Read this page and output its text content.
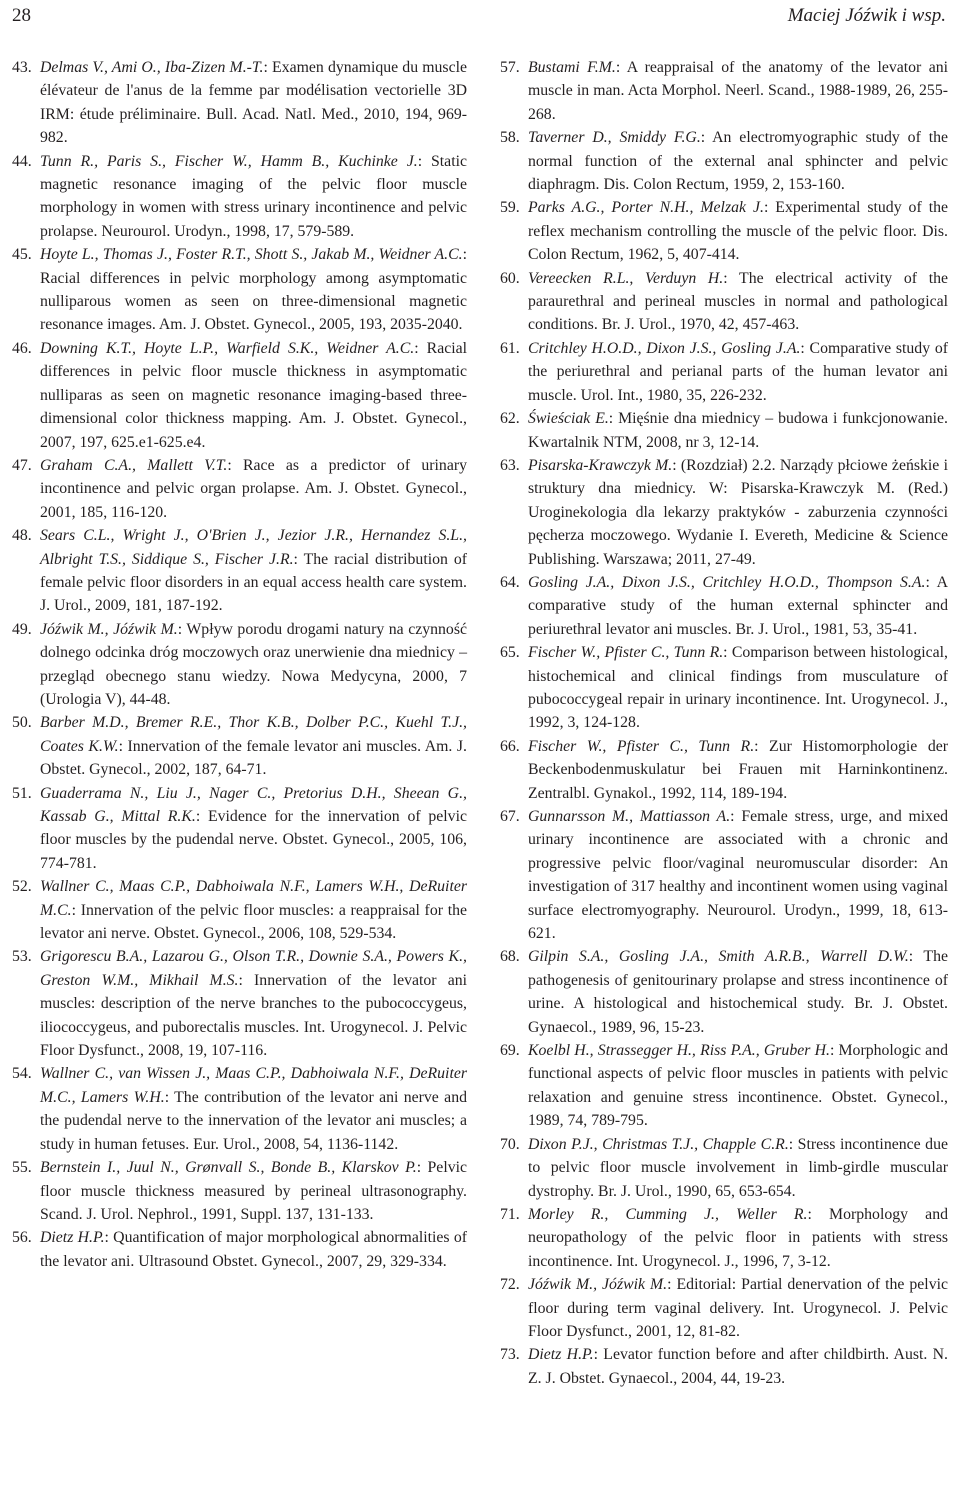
28	Maciej Jóźwik i wsp.
43. Delmas V., Ami O., Iba-Zizen M.-T.: Examen dynamique du muscle élévateur de l'anus de la femme par modélisation vectorielle 3D IRM: étude préliminaire. Bull. Acad. Natl. Med., 2010, 194, 969-982.
44. Tunn R., Paris S., Fischer W., Hamm B., Kuchinke J.: Static magnetic resonance imaging of the pelvic floor muscle morphology in women with stress urinary incontinence and pelvic prolapse. Neurourol. Urodyn., 1998, 17, 579-589.
45. Hoyte L., Thomas J., Foster R.T., Shott S., Jakab M., Weidner A.C.: Racial differences in pelvic morphology among asymptomatic nulliparous women as seen on three-dimensional magnetic resonance images. Am. J. Obstet. Gynecol., 2005, 193, 2035-2040.
46. Downing K.T., Hoyte L.P., Warfield S.K., Weidner A.C.: Racial differences in pelvic floor muscle thickness in asymptomatic nulliparas as seen on magnetic resonance imaging-based three-dimensional color thickness mapping. Am. J. Obstet. Gynecol., 2007, 197, 625.e1-625.e4.
47. Graham C.A., Mallett V.T.: Race as a predictor of urinary incontinence and pelvic organ prolapse. Am. J. Obstet. Gynecol., 2001, 185, 116-120.
48. Sears C.L., Wright J., O'Brien J., Jezior J.R., Hernandez S.L., Albright T.S., Siddique S., Fischer J.R.: The racial distribution of female pelvic floor disorders in an equal access health care system. J. Urol., 2009, 181, 187-192.
49. Jóźwik M., Jóźwik M.: Wpływ porodu drogami natury na czynność dolnego odcinka dróg moczowych oraz unerwienie dna miednicy – przegląd obecnego stanu wiedzy. Nowa Medycyna, 2000, 7 (Urologia V), 44-48.
50. Barber M.D., Bremer R.E., Thor K.B., Dolber P.C., Kuehl T.J., Coates K.W.: Innervation of the female levator ani muscles. Am. J. Obstet. Gynecol., 2002, 187, 64-71.
51. Guaderrama N., Liu J., Nager C., Pretorius D.H., Sheean G., Kassab G., Mittal R.K.: Evidence for the innervation of pelvic floor muscles by the pudendal nerve. Obstet. Gynecol., 2005, 106, 774-781.
52. Wallner C., Maas C.P., Dabhoiwala N.F., Lamers W.H., DeRuiter M.C.: Innervation of the pelvic floor muscles: a reappraisal for the levator ani nerve. Obstet. Gynecol., 2006, 108, 529-534.
53. Grigorescu B.A., Lazarou G., Olson T.R., Downie S.A., Powers K., Greston W.M., Mikhail M.S.: Innervation of the levator ani muscles: description of the nerve branches to the pubococcygeus, iliococcygeus, and puborectalis muscles. Int. Urogynecol. J. Pelvic Floor Dysfunct., 2008, 19, 107-116.
54. Wallner C., van Wissen J., Maas C.P., Dabhoiwala N.F., DeRuiter M.C., Lamers W.H.: The contribution of the levator ani nerve and the pudendal nerve to the innervation of the levator ani muscles; a study in human fetuses. Eur. Urol., 2008, 54, 1136-1142.
55. Bernstein I., Juul N., Grønvall S., Bonde B., Klarskov P.: Pelvic floor muscle thickness measured by perineal ultrasonography. Scand. J. Urol. Nephrol., 1991, Suppl. 137, 131-133.
56. Dietz H.P.: Quantification of major morphological abnormalities of the levator ani. Ultrasound Obstet. Gynecol., 2007, 29, 329-334.
57. Bustami F.M.: A reappraisal of the anatomy of the levator ani muscle in man. Acta Morphol. Neerl. Scand., 1988-1989, 26, 255-268.
58. Taverner D., Smiddy F.G.: An electromyographic study of the normal function of the external anal sphincter and pelvic diaphragm. Dis. Colon Rectum, 1959, 2, 153-160.
59. Parks A.G., Porter N.H., Melzak J.: Experimental study of the reflex mechanism controlling the muscle of the pelvic floor. Dis. Colon Rectum, 1962, 5, 407-414.
60. Vereecken R.L., Verduyn H.: The electrical activity of the paraurethral and perineal muscles in normal and pathological conditions. Br. J. Urol., 1970, 42, 457-463.
61. Critchley H.O.D., Dixon J.S., Gosling J.A.: Comparative study of the periurethral and perianal parts of the human levator ani muscle. Urol. Int., 1980, 35, 226-232.
62. Świeściak E.: Mięśnie dna miednicy – budowa i funkcjonowanie. Kwartalnik NTM, 2008, nr 3, 12-14.
63. Pisarska-Krawczyk M.: (Rozdział) 2.2. Narządy płciowe żeńskie i struktury dna miednicy. W: Pisarska-Krawczyk M. (Red.) Uroginekologia dla lekarzy praktyków - zaburzenia czynności pęcherza moczowego. Wydanie I. Evereth, Medicine & Science Publishing. Warszawa; 2011, 27-49.
64. Gosling J.A., Dixon J.S., Critchley H.O.D., Thompson S.A.: A comparative study of the human external sphincter and periurethral levator ani muscles. Br. J. Urol., 1981, 53, 35-41.
65. Fischer W., Pfister C., Tunn R.: Comparison between histological, histochemical and clinical findings from musculature of pubococcygeal repair in urinary incontinence. Int. Urogynecol. J., 1992, 3, 124-128.
66. Fischer W., Pfister C., Tunn R.: Zur Histomorphologie der Beckenbodenmuskulatur bei Frauen mit Harninkontinenz. Zentralbl. Gynakol., 1992, 114, 189-194.
67. Gunnarsson M., Mattiasson A.: Female stress, urge, and mixed urinary incontinence are associated with a chronic and progressive pelvic floor/vaginal neuromuscular disorder: An investigation of 317 healthy and incontinent women using vaginal surface electromyography. Neurourol. Urodyn., 1999, 18, 613-621.
68. Gilpin S.A., Gosling J.A., Smith A.R.B., Warrell D.W.: The pathogenesis of genitourinary prolapse and stress incontinence of urine. A histological and histochemical study. Br. J. Obstet. Gynaecol., 1989, 96, 15-23.
69. Koelbl H., Strassegger H., Riss P.A., Gruber H.: Morphologic and functional aspects of pelvic floor muscles in patients with pelvic relaxation and genuine stress incontinence. Obstet. Gynecol., 1989, 74, 789-795.
70. Dixon P.J., Christmas T.J., Chapple C.R.: Stress incontinence due to pelvic floor muscle involvement in limb-girdle muscular dystrophy. Br. J. Urol., 1990, 65, 653-654.
71. Morley R., Cumming J., Weller R.: Morphology and neuropathology of the pelvic floor in patients with stress incontinence. Int. Urogynecol. J., 1996, 7, 3-12.
72. Jóźwik M., Jóźwik M.: Editorial: Partial denervation of the pelvic floor during term vaginal delivery. Int. Urogynecol. J. Pelvic Floor Dysfunct., 2001, 12, 81-82.
73. Dietz H.P.: Levator function before and after childbirth. Aust. N. Z. J. Obstet. Gynaecol., 2004, 44, 19-23.
